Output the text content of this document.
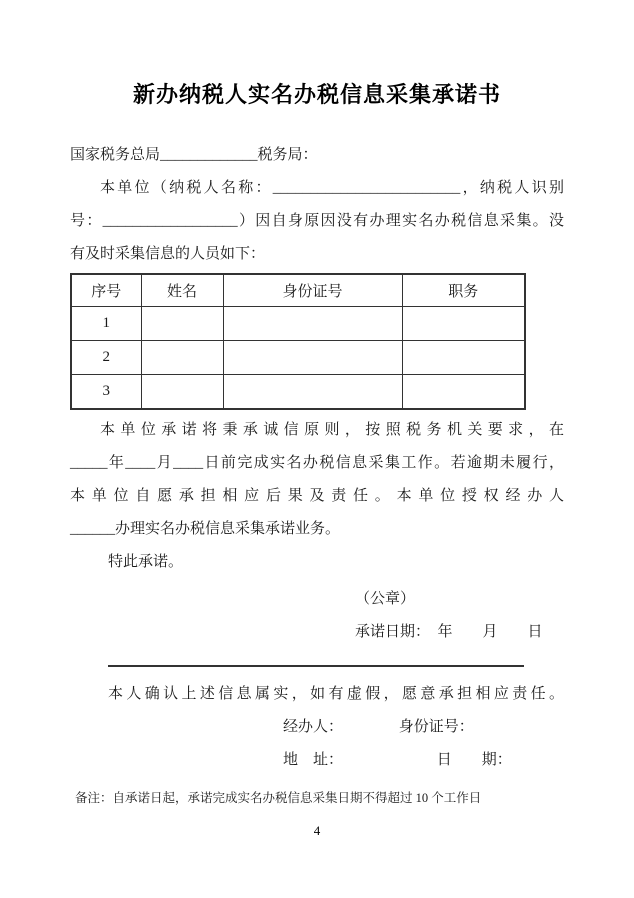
新办纳税人实名办税信息采集承诺书
国家税务总局_____________税务局：
本单位（纳税人名称：_________________________，纳税人识别
号：__________________）因自身原因没有办理实名办税信息采集。没
有及时采集信息的人员如下：
序号	姓名	身份证号	职务
1			
2			
3			
本单位承诺将秉承诚信原则，按照税务机关要求，在
_____年____月____日前完成实名办税信息采集工作。若逾期未履行，
本单位自愿承担相应后果及责任。本单位授权经办人
______办理实名办税信息采集承诺业务。
特此承诺。
（公章）
承诺日期：　年　　月　　日
本人确认上述信息属实，如有虚假，愿意承担相应责任。
经办人：	身份证号：
地　址：	日　　期：
备注：自承诺日起，承诺完成实名办税信息采集日期不得超过 10 个工作日
4
